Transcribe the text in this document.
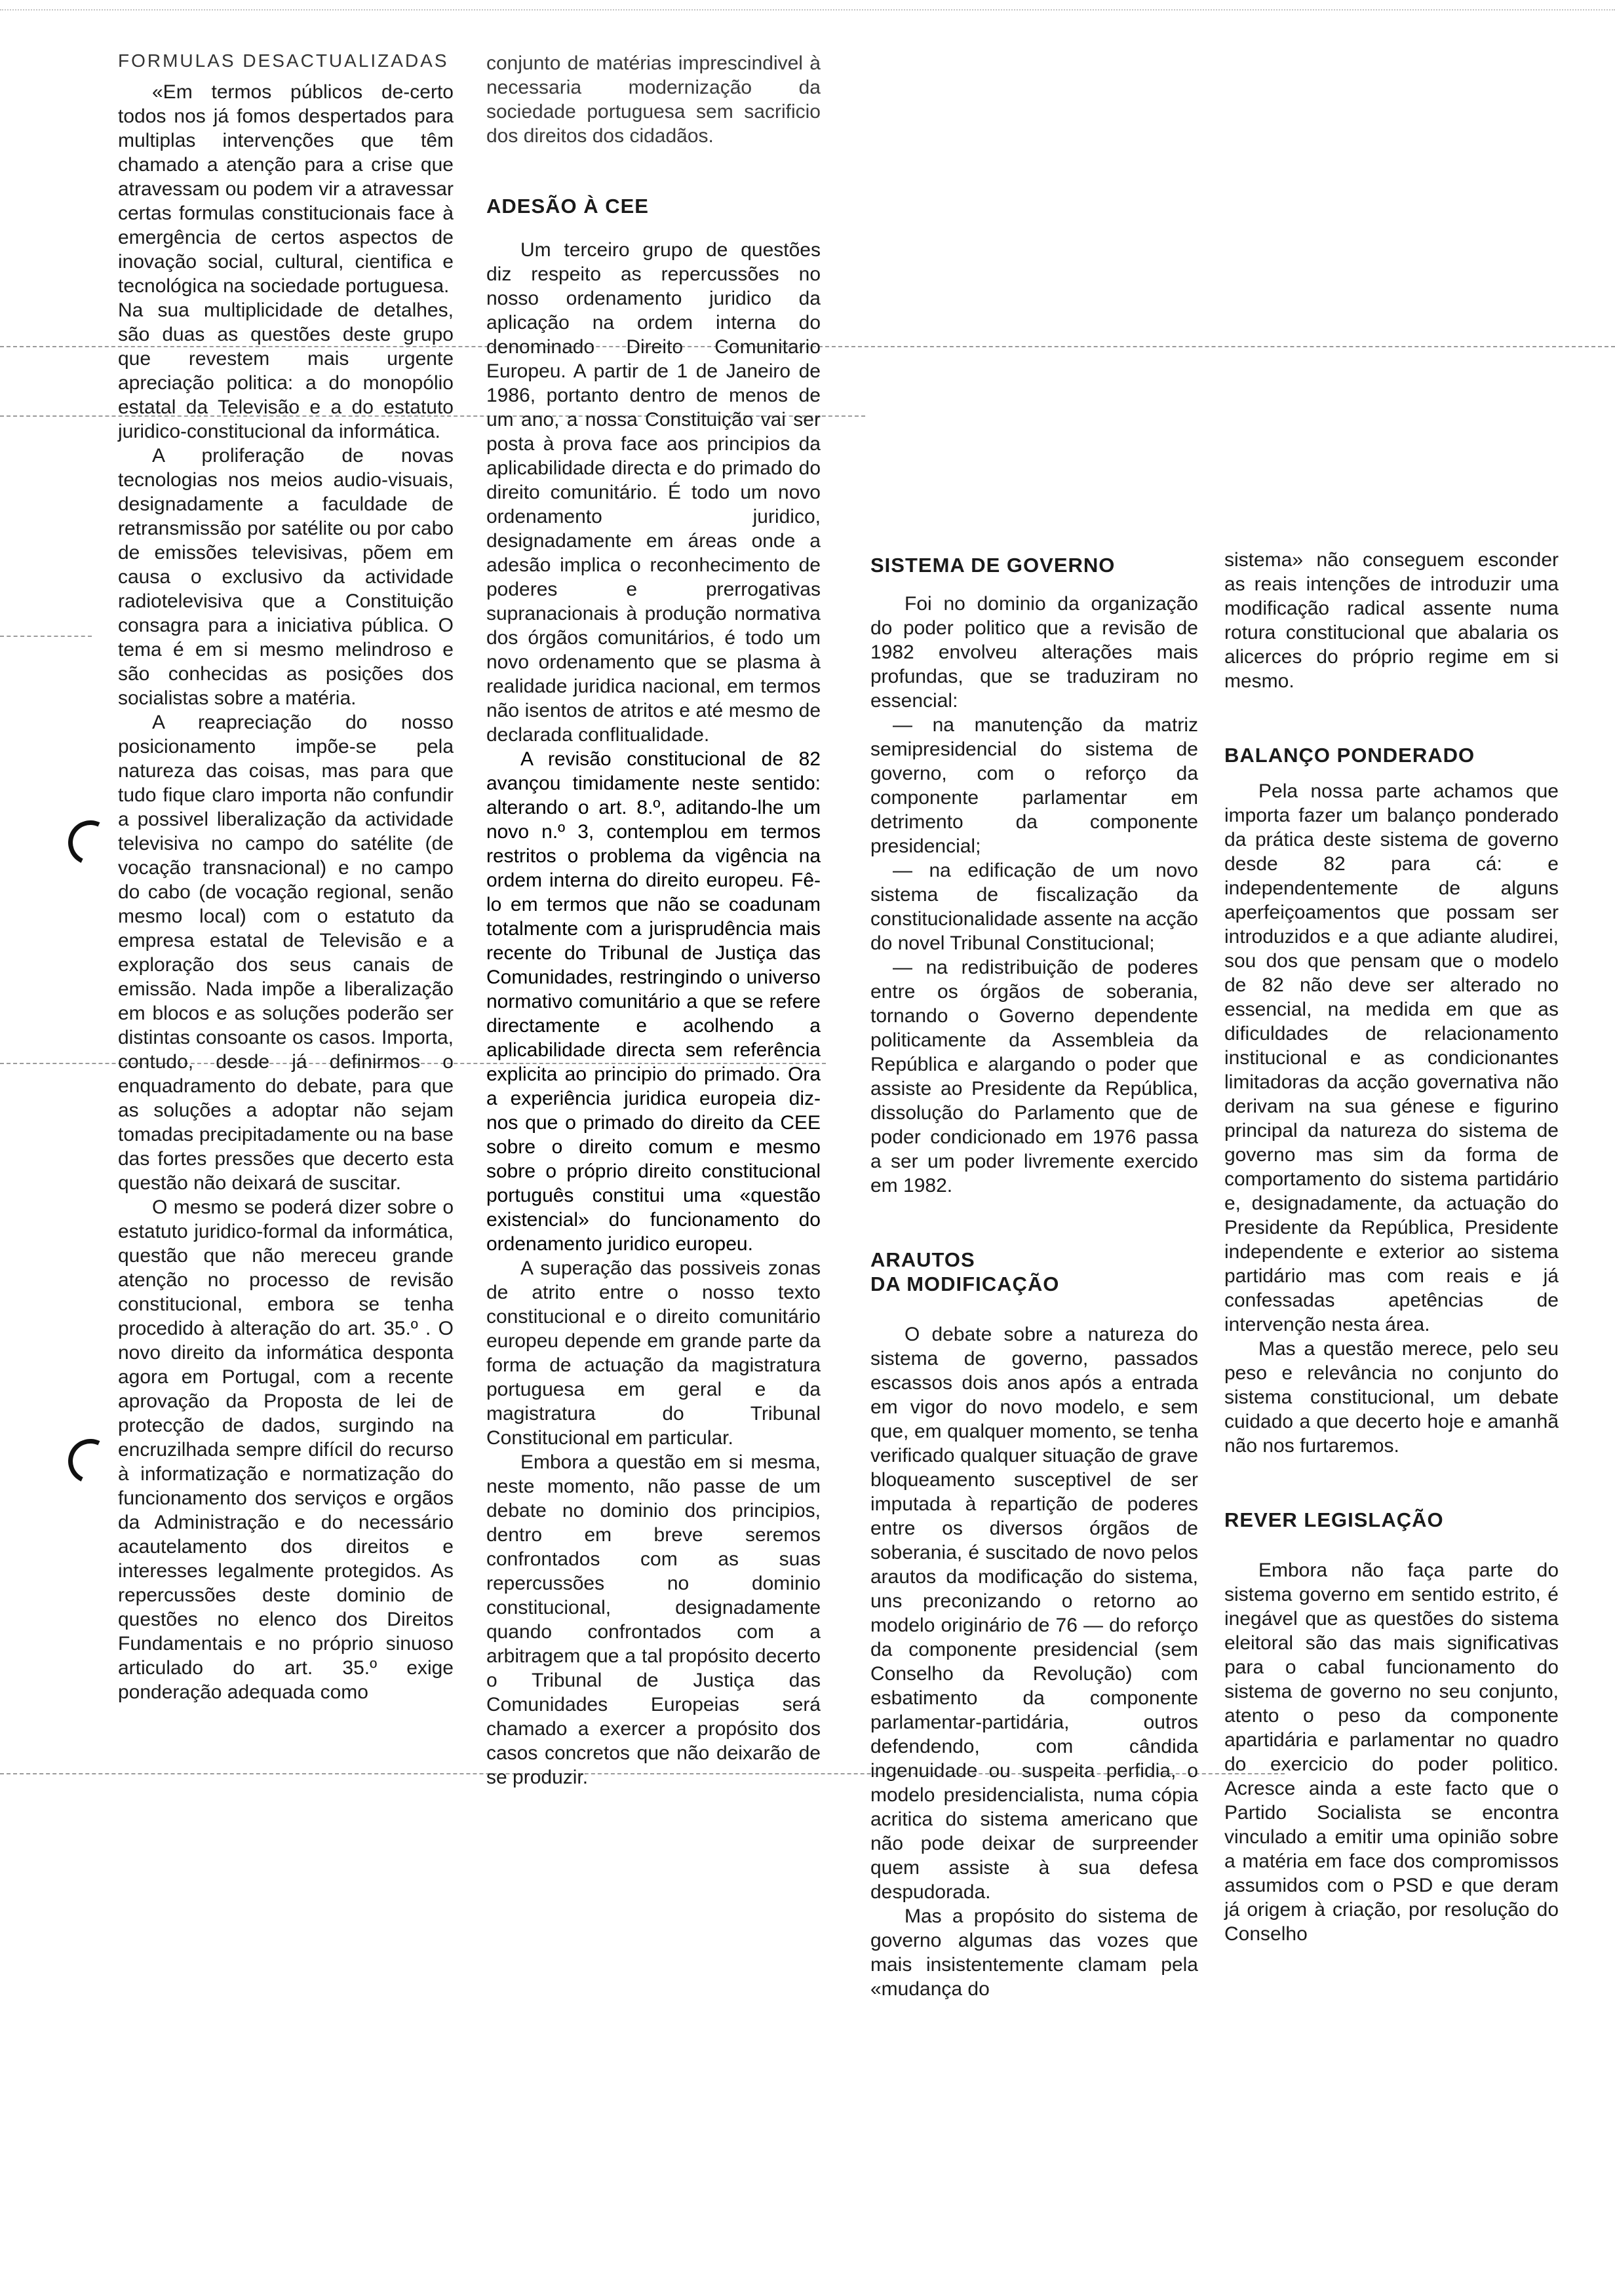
FORMULAS DESACTUALIZADAS

«Em termos públicos de-certo todos nos já fomos despertados para multiplas intervenções que têm chamado a atenção para a crise que atravessam ou podem vir a atravessar certas formulas constitucionais face à emergência de certos aspectos de inovação social, cultural, cientifica e tecnológica na sociedade portuguesa.

Na sua multiplicidade de detalhes, são duas as questões deste grupo que revestem mais urgente apreciação politica: a do monopólio estatal da Televisão e a do estatuto juridico-constitucional da informática.

A proliferação de novas tecnologias nos meios audio-visuais, designadamente a faculdade de retransmissão por satélite ou por cabo de emissões televisivas, põem em causa o exclusivo da actividade radiotelevisiva que a Constituição consagra para a iniciativa pública. O tema é em si mesmo melindroso e são conhecidas as posições dos socialistas sobre a matéria.

A reapreciação do nosso posicionamento impõe-se pela natureza das coisas, mas para que tudo fique claro importa não confundir a possivel liberalização da actividade televisiva no campo do satélite (de vocação transnacional) e no campo do cabo (de vocação regional, senão mesmo local) com o estatuto da empresa estatal de Televisão e a exploração dos seus canais de emissão. Nada impõe a liberalização em blocos e as soluções poderão ser distintas consoante os casos. Importa, contudo, desde já definirmos o enquadramento do debate, para que as soluções a adoptar não sejam tomadas precipitadamente ou na base das fortes pressões que decerto esta questão não deixará de suscitar.

O mesmo se poderá dizer sobre o estatuto juridico-formal da informática, questão que não mereceu grande atenção no processo de revisão constitucional, embora se tenha procedido à alteração do art. 35.º . O novo direito da informática desponta agora em Portugal, com a recente aprovação da Proposta de lei de protecção de dados, surgindo na encruzilhada sempre difícil do recurso à informatização e normatização do funcionamento dos serviços e orgãos da Administração e do necessário acautelamento dos direitos e interesses legalmente protegidos. As repercussões deste dominio de questões no elenco dos Direitos Fundamentais e no próprio sinuoso articulado do art. 35.º exige ponderação adequada como

conjunto de matérias imprescindivel à necessaria modernização da sociedade portuguesa sem sacrificio dos direitos dos cidadãos.

ADESÃO À CEE

Um terceiro grupo de questões diz respeito as repercussões no nosso ordenamento juridico da aplicação na ordem interna do denominado Direito Comunitario Europeu. A partir de 1 de Janeiro de 1986, portanto dentro de menos de um ano, a nossa Constituição vai ser posta à prova face aos principios da aplicabilidade directa e do primado do direito comunitário. É todo um novo ordenamento juridico, designadamente em áreas onde a adesão implica o reconhecimento de poderes e prerrogativas supranacionais à produção normativa dos órgãos comunitários, é todo um novo ordenamento que se plasma à realidade juridica nacional, em termos não isentos de atritos e até mesmo de declarada conflitualidade.

A revisão constitucional de 82 avançou timidamente neste sentido: alterando o art. 8.º, aditando-lhe um novo n.º 3, contemplou em termos restritos o problema da vigência na ordem interna do direito europeu. Fê-lo em termos que não se coadunam totalmente com a jurisprudência mais recente do Tribunal de Justiça das Comunidades, restringindo o universo normativo comunitário a que se refere directamente e acolhendo a aplicabilidade directa sem referência explicita ao principio do primado. Ora a experiência juridica europeia diz-nos que o primado do direito da CEE sobre o direito comum e mesmo sobre o próprio direito constitucional português constitui uma «questão existencial» do funcionamento do ordenamento juridico europeu.

A superação das possiveis zonas de atrito entre o nosso texto constitucional e o direito comunitário europeu depende em grande parte da forma de actuação da magistratura portuguesa em geral e da magistratura do Tribunal Constitucional em particular.

Embora a questão em si mesma, neste momento, não passe de um debate no dominio dos principios, dentro em breve seremos confrontados com as suas repercussões no dominio constitucional, designadamente quando confrontados com a arbitragem que a tal propósito decerto o Tribunal de Justiça das Comunidades Europeias será chamado a exercer a propósito dos casos concretos que não deixarão de se produzir.

SISTEMA DE GOVERNO

Foi no dominio da organização do poder politico que a revisão de 1982 envolveu alterações mais profundas, que se traduziram no essencial:

— na manutenção da matriz semipresidencial do sistema de governo, com o reforço da componente parlamentar em detrimento da componente presidencial;

— na edificação de um novo sistema de fiscalização da constitucionalidade assente na acção do novel Tribunal Constitucional;

— na redistribuição de poderes entre os órgãos de soberania, tornando o Governo dependente politicamente da Assembleia da República e alargando o poder que assiste ao Presidente da República, dissolução do Parlamento que de poder condicionado em 1976 passa a ser um poder livremente exercido em 1982.

ARAUTOS
DA MODIFICAÇÃO

O debate sobre a natureza do sistema de governo, passados escassos dois anos após a entrada em vigor do novo modelo, e sem que, em qualquer momento, se tenha verificado qualquer situação de grave bloqueamento susceptivel de ser imputada à repartição de poderes entre os diversos órgãos de soberania, é suscitado de novo pelos arautos da modificação do sistema, uns preconizando o retorno ao modelo originário de 76 — do reforço da componente presidencial (sem Conselho da Revolução) com esbatimento da componente parlamentar-partidária, outros defendendo, com cândida ingenuidade ou suspeita perfidia, o modelo presidencialista, numa cópia acritica do sistema americano que não pode deixar de surpreender quem assiste à sua defesa despudorada.

Mas a propósito do sistema de governo algumas das vozes que mais insistentemente clamam pela «mudança do

sistema» não conseguem esconder as reais intenções de introduzir uma modificação radical assente numa rotura constitucional que abalaria os alicerces do próprio regime em si mesmo.

BALANÇO PONDERADO

Pela nossa parte achamos que importa fazer um balanço ponderado da prática deste sistema de governo desde 82 para cá: e independentemente de alguns aperfeiçoamentos que possam ser introduzidos e a que adiante aludirei, sou dos que pensam que o modelo de 82 não deve ser alterado no essencial, na medida em que as dificuldades de relacionamento institucional e as condicionantes limitadoras da acção governativa não derivam na sua génese e figurino principal da natureza do sistema de governo mas sim da forma de comportamento do sistema partidário e, designadamente, da actuação do Presidente da República, Presidente independente e exterior ao sistema partidário mas com reais e já confessadas apetências de intervenção nesta área.

Mas a questão merece, pelo seu peso e relevância no conjunto do sistema constitucional, um debate cuidado a que decerto hoje e amanhã não nos furtaremos.

REVER LEGISLAÇÃO

Embora não faça parte do sistema governo em sentido estrito, é inegável que as questões do sistema eleitoral são das mais significativas para o cabal funcionamento do sistema de governo no seu conjunto, atento o peso da componente apartidária e parlamentar no quadro do exercicio do poder politico. Acresce ainda a este facto que o Partido Socialista se encontra vinculado a emitir uma opinião sobre a matéria em face dos compromissos assumidos com o PSD e que deram já origem à criação, por resolução do Conselho
